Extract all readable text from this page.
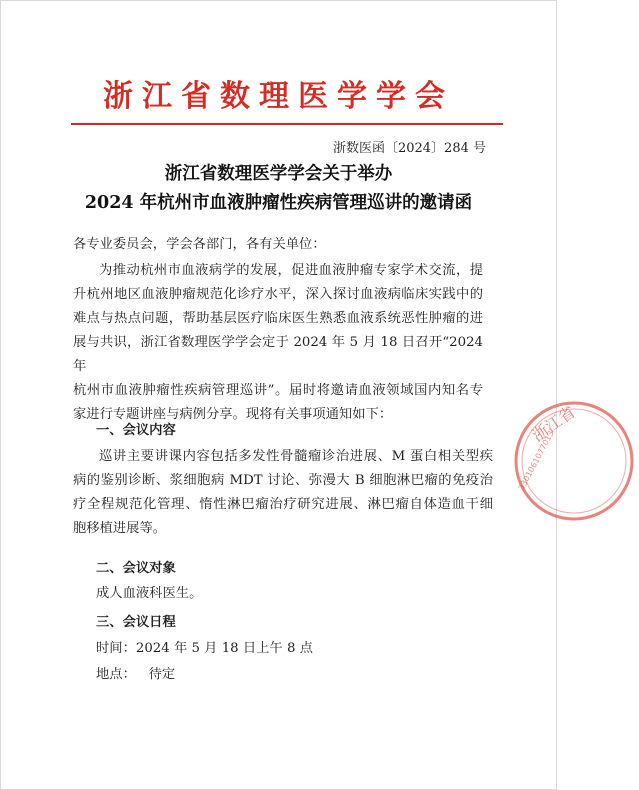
浙江省数理医学学会
浙数医函〔2024〕284 号
浙江省数理医学学会关于举办
2024 年杭州市血液肿瘤性疾病管理巡讲的邀请函
各专业委员会，学会各部门，各有关单位：
为推动杭州市血液病学的发展，促进血液肿瘤专家学术交流，提
升杭州地区血液肿瘤规范化诊疗水平，深入探讨血液病临床实践中的
难点与热点问题，帮助基层医疗临床医生熟悉血液系统恶性肿瘤的进
展与共识，浙江省数理医学学会定于 2024 年 5 月 18 日召开“2024 年
杭州市血液肿瘤性疾病管理巡讲”。届时将邀请血液领域国内知名专
家进行专题讲座与病例分享。现将有关事项通知如下：
一、会议内容
巡讲主要讲课内容包括多发性骨髓瘤诊治进展、M 蛋白相关型疾
病的鉴别诊断、浆细胞病 MDT 讨论、弥漫大 B 细胞淋巴瘤的免疫治
疗全程规范化管理、惰性淋巴瘤治疗研究进展、淋巴瘤自体造血干细
胞移植进展等。
二、会议对象
成人血液科医生。
三、会议日程
时间：2024 年 5 月 18 日上午 8 点
地点：   待定
浙江省
3301061077013
